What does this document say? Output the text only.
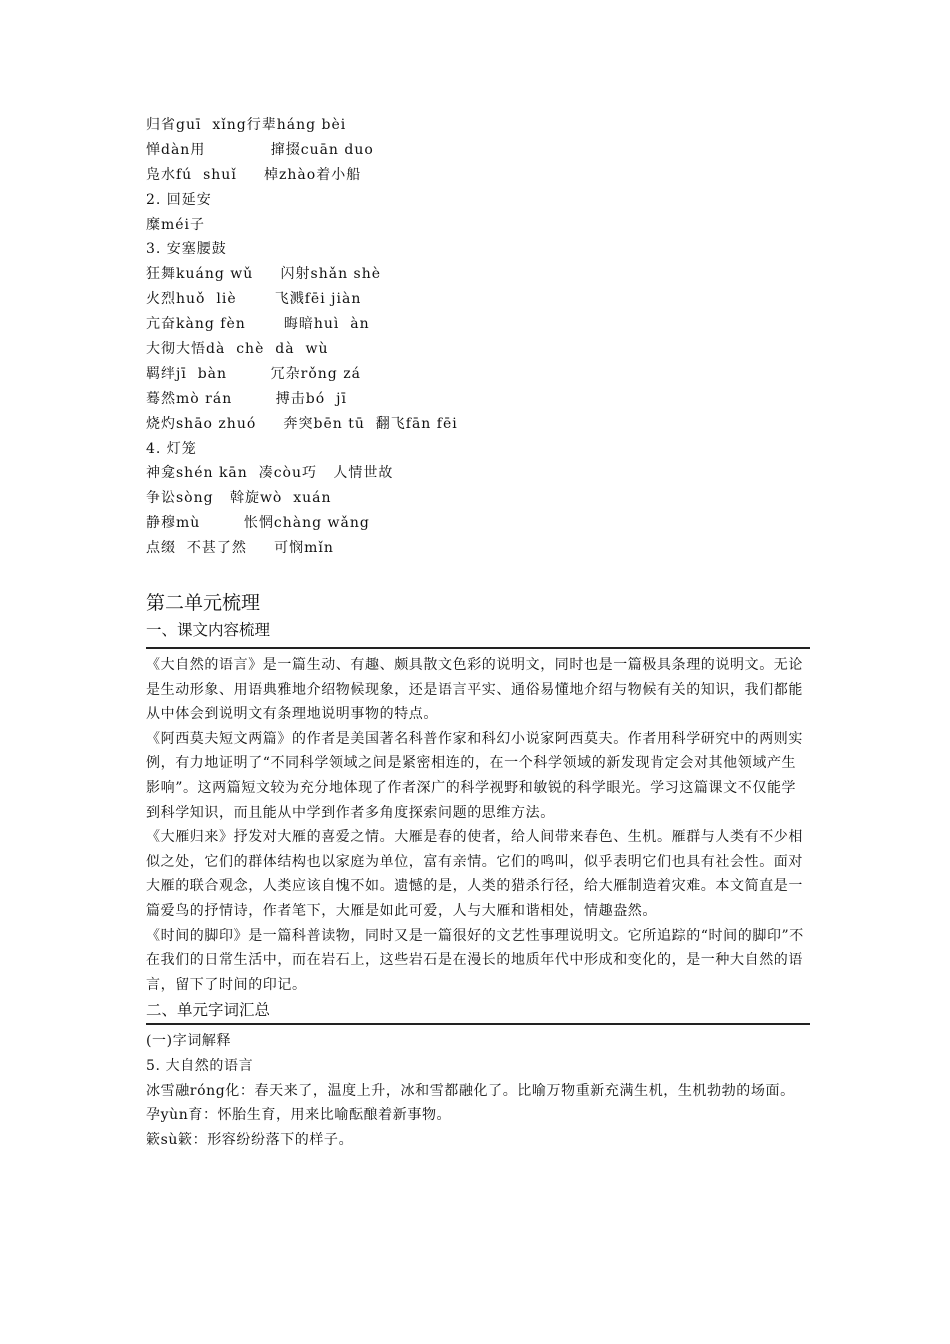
归省guī  xǐng行辈háng bèi
惮dàn用            撺掇cuān duo
凫水fú  shuǐ     棹zhào着小船
2. 回延安
糜méi子
3. 安塞腰鼓
狂舞kuáng wǔ     闪射shǎn shè
火烈huǒ  liè       飞溅fēi jiàn
亢奋kàng fèn       晦暗huì  àn
大彻大悟dà  chè  dà  wù
羁绊jī  bàn        冗杂rǒng zá
蓦然mò rán        搏击bó  jī
烧灼shāo zhuó     奔突bēn tū  翻飞fān fēi
4. 灯笼
神龛shén kān  凑còu巧   人情世故
争讼sòng   斡旋wò  xuán
静穆mù        怅惘chàng wǎng
点缀  不甚了然     可悯mǐn
第二单元梳理
一、课文内容梳理

《大自然的语言》是一篇生动、有趣、颇具散文色彩的说明文，同时也是一篇极具条理的说明文。无论是生动形象、用语典雅地介绍物候现象，还是语言平实、通俗易懂地介绍与物候有关的知识，我们都能从中体会到说明文有条理地说明事物的特点。

《阿西莫夫短文两篇》的作者是美国著名科普作家和科幻小说家阿西莫夫。作者用科学研究中的两则实例，有力地证明了“不同科学领域之间是紧密相连的，在一个科学领域的新发现肯定会对其他领域产生影响”。这两篇短文较为充分地体现了作者深广的科学视野和敏锐的科学眼光。学习这篇课文不仅能学到科学知识，而且能从中学到作者多角度探索问题的思维方法。

《大雁归来》抒发对大雁的喜爱之情。大雁是春的使者，给人间带来春色、生机。雁群与人类有不少相似之处，它们的群体结构也以家庭为单位，富有亲情。它们的鸣叫，似乎表明它们也具有社会性。面对大雁的联合观念，人类应该自愧不如。遗憾的是，人类的猎杀行径，给大雁制造着灾难。本文简直是一篇爱鸟的抒情诗，作者笔下，大雁是如此可爱，人与大雁和谐相处，情趣盎然。

《时间的脚印》是一篇科普读物，同时又是一篇很好的文艺性事理说明文。它所追踪的“时间的脚印”不在我们的日常生活中，而在岩石上，这些岩石是在漫长的地质年代中形成和变化的，是一种大自然的语言，留下了时间的印记。

二、单元字词汇总

(一)字词解释

5. 大自然的语言

冰雪融róng化：春天来了，温度上升，冰和雪都融化了。比喻万物重新充满生机，生机勃勃的场面。

孕yùn育：怀胎生育，用来比喻酝酿着新事物。

簌sù簌：形容纷纷落下的样子。
